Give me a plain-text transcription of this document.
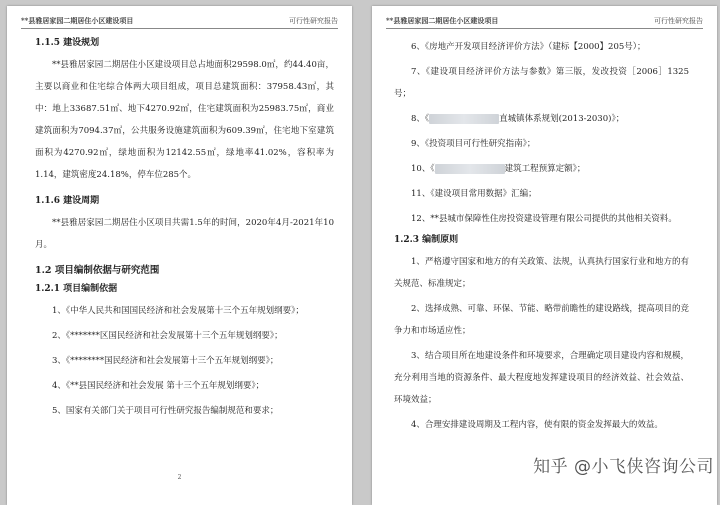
**县雅居家园二期居住小区建设项目	可行性研究报告
1.1.5 建设规划

**县雅居家园二期居住小区建设项目总占地面积29598.0㎡，约44.40亩，主要以商业和住宅综合体两大项目组成，项目总建筑面积：37958.43㎡，其中：地上33687.51㎡、地下4270.92㎡，住宅建筑面积为25983.75㎡，商业建筑面积为7094.37㎡，公共服务设施建筑面积为609.39㎡，住宅地下室建筑面积为4270.92㎡，绿地面积为12142.55㎡，绿地率41.02%，容积率为1.14，建筑密度24.18%，停车位285个。

1.1.6 建设周期

**县雅居家园二期居住小区项目共需1.5年的时间，2020年4月-2021年10月。

1.2 项目编制依据与研究范围
1.2.1 项目编制依据

1、《中华人民共和国国民经济和社会发展第十三个五年规划纲要》；

2、《*******区国民经济和社会发展第十三个五年规划纲要》；

3、《********国民经济和社会发展第十三个五年规划纲要》；

4、《**县国民经济和社会发展 第十三个五年规划纲要》；

5、国家有关部门关于项目可行性研究报告编制规范和要求；

2
**县雅居家园二期居住小区建设项目	可行性研究报告

6、《房地产开发项目经济评价方法》（建标【2000】205号）；

7、《建设项目经济评价方法与参数》第三版，发改投资［2006］1325号；

8、《	直城镇体系规划(2013-2030)》；

9、《投资项目可行性研究指南》；

10、《	建筑工程预算定额》；

11、《建设项目常用数据》汇编；

12、**县城市保障性住房投资建设管理有限公司提供的其他相关资料。

1.2.3 编制原则

1、严格遵守国家和地方的有关政策、法规，认真执行国家行业和地方的有关规范、标准规定；

2、选择成熟、可靠、环保、节能、略带前瞻性的建设路线，提高项目的竞争力和市场适应性；

3、结合项目所在地建设条件和环境要求，合理确定项目建设内容和规模，充分利用当地的资源条件、最大程度地发挥建设项目的经济效益、社会效益、环境效益；

4、合理安排建设周期及工程内容，使有限的资金发挥最大的效益。

知乎 @小飞侠咨询公司
